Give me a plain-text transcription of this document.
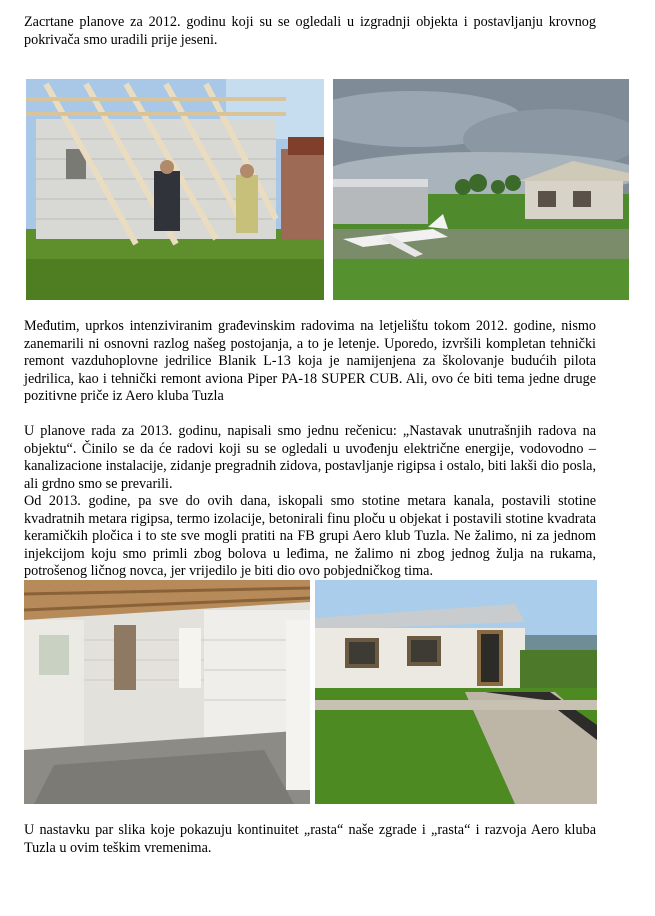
Zacrtane planove za 2012. godinu koji su se ogledali u izgradnji objekta i postavljanju krovnog pokrivača smo uradili prije jeseni.

Međutim, uprkos intenziviranim građevinskim radovima na letjelištu tokom 2012. godine, nismo zanemarili ni osnovni razlog našeg postojanja, a to je letenje. Uporedo, izvršili kompletan tehnički remont vazduhoplovne jedrilice Blanik L-13 koja je namijenjena za školovanje budućih pilota jedrilica, kao i tehnički remont aviona Piper PA-18 SUPER CUB. Ali, ovo će biti tema jedne druge pozitivne priče iz Aero kluba Tuzla

U planove rada za 2013. godinu, napisali smo jednu rečenicu: „Nastavak unutrašnjih radova na objektu“. Činilo se da će radovi koji su se ogledali u uvođenju električne energije, vodovodno – kanalizacione instalacije, zidanje pregradnih zidova, postavljanje rigipsa i ostalo, biti lakši dio posla, ali grdno smo se prevarili.

Od 2013. godine, pa sve do ovih dana, iskopali smo stotine metara kanala, postavili stotine kvadratnih metara rigipsa, termo izolacije, betonirali finu ploču u objekat i postavili stotine kvadrata keramičkih pločica i to ste sve mogli pratiti na FB grupi Aero klub Tuzla. Ne žalimo, ni za jednom injekcijom koju smo primli zbog bolova u leđima, ne žalimo ni zbog jednog žulja na rukama, potrošenog ličnog novca, jer vrijedilo je biti dio ovo pobjedničkog tima.

U nastavku par slika koje pokazuju kontinuitet „rasta“ naše zgrade i „rasta“ i razvoja Aero kluba Tuzla u ovim teškim vremenima.
